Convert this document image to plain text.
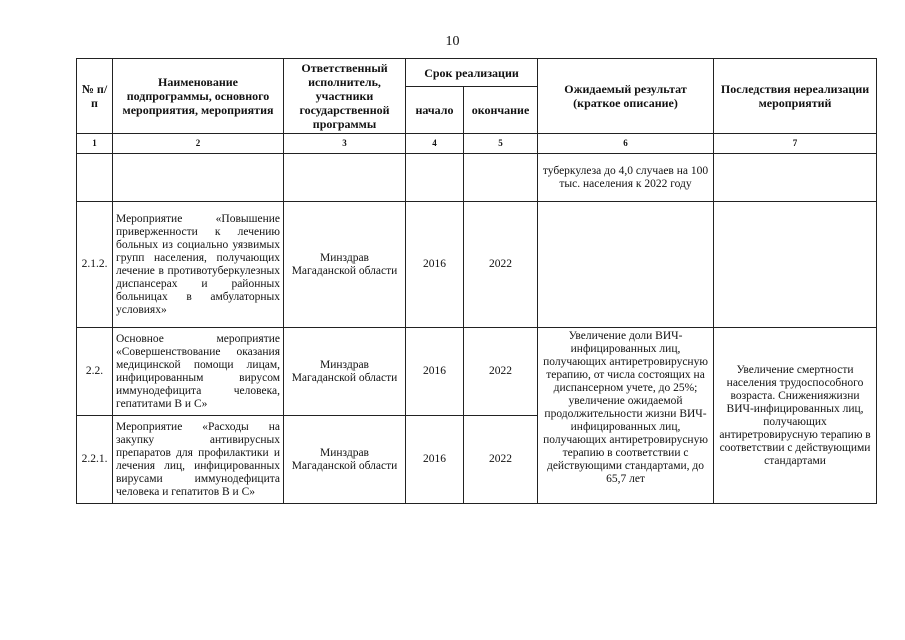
10
№ п/п	Наименование подпрограммы, основного мероприятия, мероприятия	Ответственный исполнитель, участники государственной программы	Срок реализации		Ожидаемый результат (краткое описание)	Последствия нереализации мероприятий
			начало	окончание		
1	2	3	4	5	6	7
					туберкулеза до 4,0 случаев на 100 тыс. населения к 2022 году	
2.1.2.	Мероприятие «Повышение приверженности к лечению больных из социально уязвимых групп населения, получающих лечение в противотуберкулезных диспансерах и районных больницах в амбулаторных условиях»	Минздрав Магаданской области	2016	2022		
2.2.	Основное мероприятие «Совершенствование оказания медицинской помощи лицам, инфицированным вирусом иммунодефицита человека, гепатитами В и С»	Минздрав Магаданской области	2016	2022	Увеличение доли ВИЧ-инфицированных лиц, получающих антиретровирусную терапию, от числа состоящих на диспансерном учете, до 25%; увеличение ожидаемой продолжительности жизни ВИЧ-инфицированных лиц, получающих антиретровирусную терапию в соответствии с действующими стандартами, до 65,7 лет	Увеличение смертности населения трудоспособного возраста. Сниженияжизни ВИЧ-инфицированных лиц, получающих антиретровирусную терапию в соответствии с действующими стандартами
2.2.1.	Мероприятие «Расходы на закупку антивирусных препаратов для профилактики и лечения лиц, инфицированных вирусами иммунодефицита человека и гепатитов В и С»	Минздрав Магаданской области	2016	2022		
